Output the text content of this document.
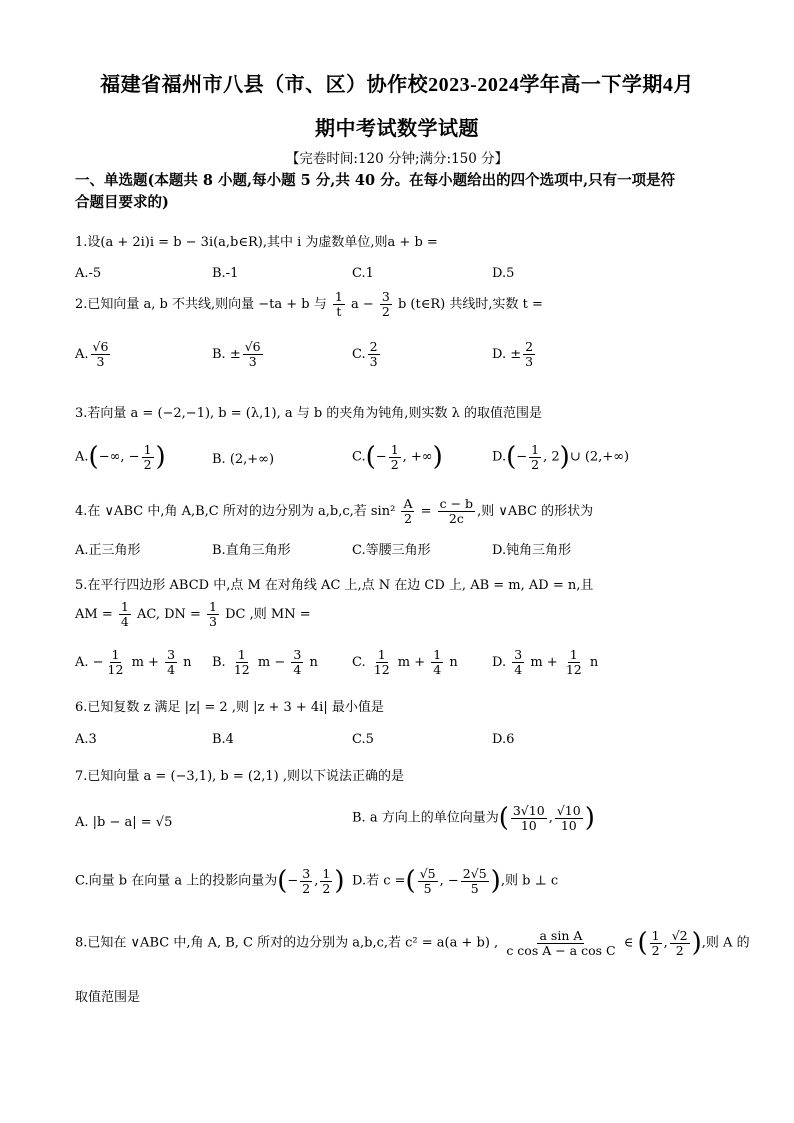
福建省福州市八县（市、区）协作校2023-2024学年高一下学期4月
期中考试数学试题
【完卷时间:120 分钟;满分:150 分】
一、单选题(本题共 8 小题,每小题 5 分,共 40 分。在每小题给出的四个选项中,只有一项是符
合题目要求的)
1.设(a + 2i)i = b − 3i(a,b∈R),其中 i 为虚数单位,则a + b =
A.-5	B.-1	C.1	D.5
2.已知向量 a, b 不共线,则向量 −ta + b 与 $\frac{1}{t}$ $a - \frac{3}{2}$ b (t∈R) 共线时,实数 t =
A. $\frac{√6}{3}$	B. ± $\frac{√6}{3}$	C. $\frac{2}{3}$	D. ± $\frac{2}{3}$
3.若向量 a = (−2,−1), b = (λ,1), a 与 b 的夹角为钝角,则实数 λ 的取值范围是
A.(−∞, − $\frac{1}{2}$ )	B. (2,+∞)	$C.(- \frac{1}{2}$ , +∞)	$D.(- \frac{1}{2}$ , 2)∪ (2,+∞)
4.在 ∨ABC 中,角 A,B,C 所对的边分别为 a,b,c,若 $\sin^2 \frac{A}{2} = \frac{c - b}{2c}$ ,则 ∨ABC 的形状为
A.正三角形	B.直角三角形	C.等腰三角形	D.钝角三角形
5.在平行四边形 ABCD 中,点 M 在对角线 AC 上,点 N 在边 CD 上, AB = m, AD = n,且
AM = $\frac{1}{4}$ AC, DN = $\frac{1}{3}$ DC ,则 MN =
A. − $\frac{1}{12}$ $m + \frac{3}{4}$ n B. $\frac{1}{12}$ $m - \frac{3}{4}$ n	C. $\frac{1}{12}$ $m + \frac{1}{4}$ n	D. $\frac{3}{4}$ $m + \frac{1}{12}$ n
6.已知复数 z 满足 |z| = 2 ,则 |z + 3 + 4i| 最小值是
A.3	B.4	C.5	D.6
7.已知向量 a = (−3,1), b = (2,1) ,则以下说法正确的是
A. |b − a| = √5	B. a 方向上的单位向量为( $\frac{3√10}{10}$ , $\frac{√10}{10}$ )
C.向量 b 在向量 a 上的投影向量为(− $\frac{3}{2}$ , $\frac{1}{2}$ ) D.若 c =( $\frac{√5}{5}$ , − $\frac{2√5}{5}$ ),则 b ⊥ c
8.已知在 ∨ABC 中,角 A, B, C 所对的边分别为 a,b,c,若 c² = a(a + b) , $\frac{\text{a sin A}}{\text{c cos A − a cos C}}$ ∈ ( $\frac{1}{2}$ , $\frac{√2}{2}$ ),则 A 的
取值范围是
